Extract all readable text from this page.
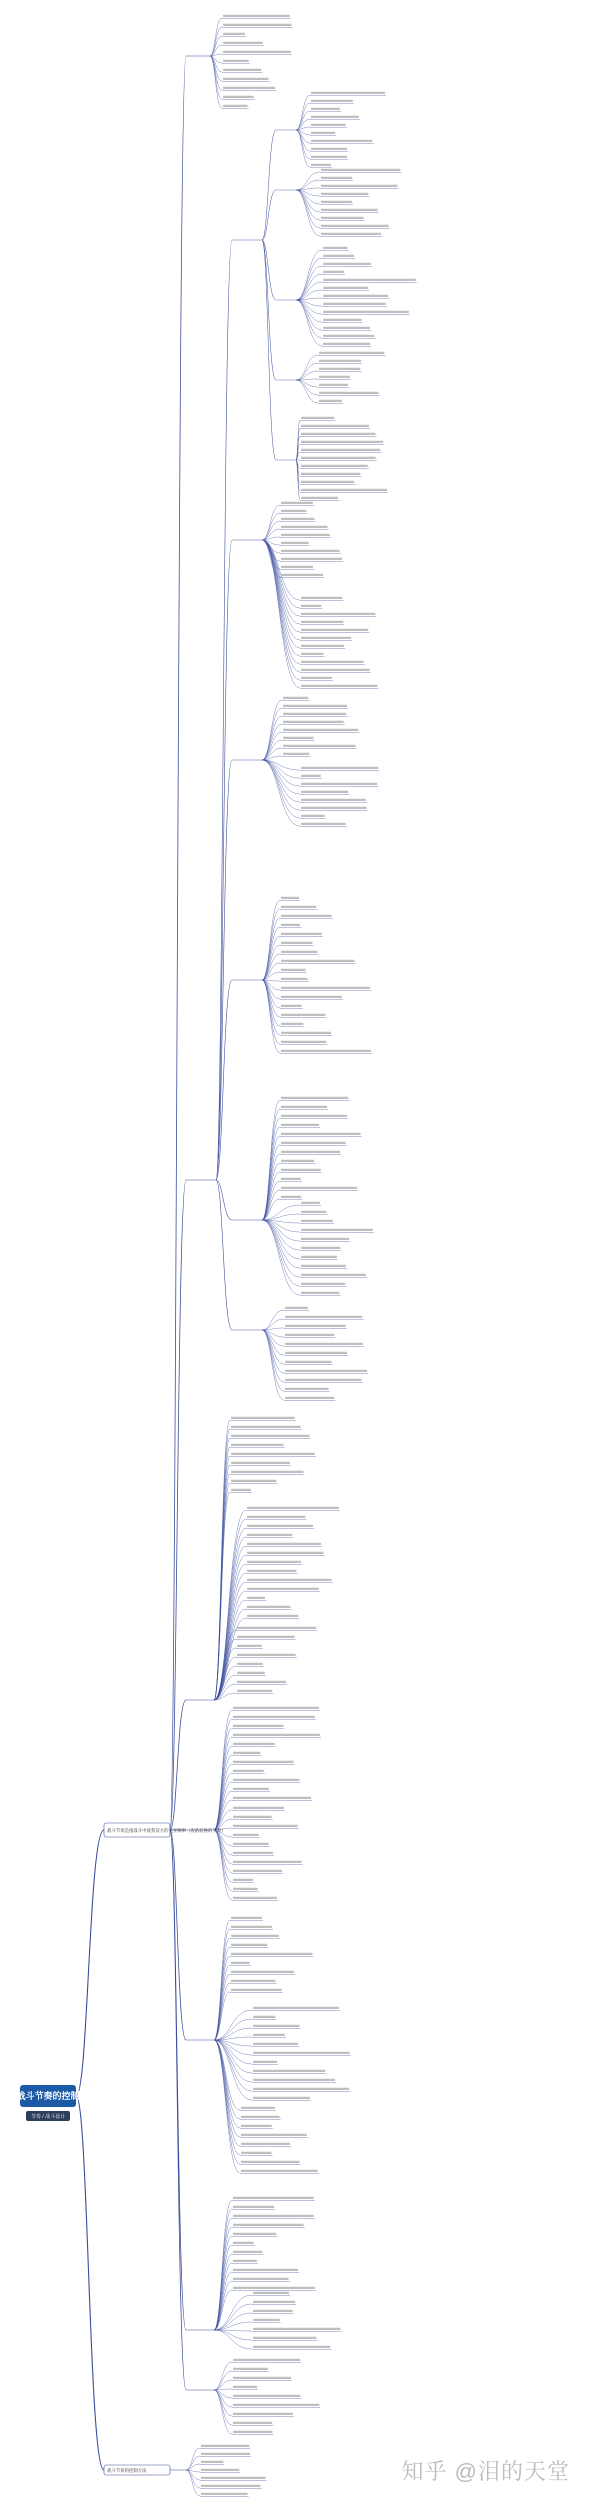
战斗节奏的控制
节奏 / 战斗设计
战斗节奏是指战斗中敌我双方的交互频率（攻防转换的节奏）
战斗节奏的控制方法	知乎 @泪的天堂
